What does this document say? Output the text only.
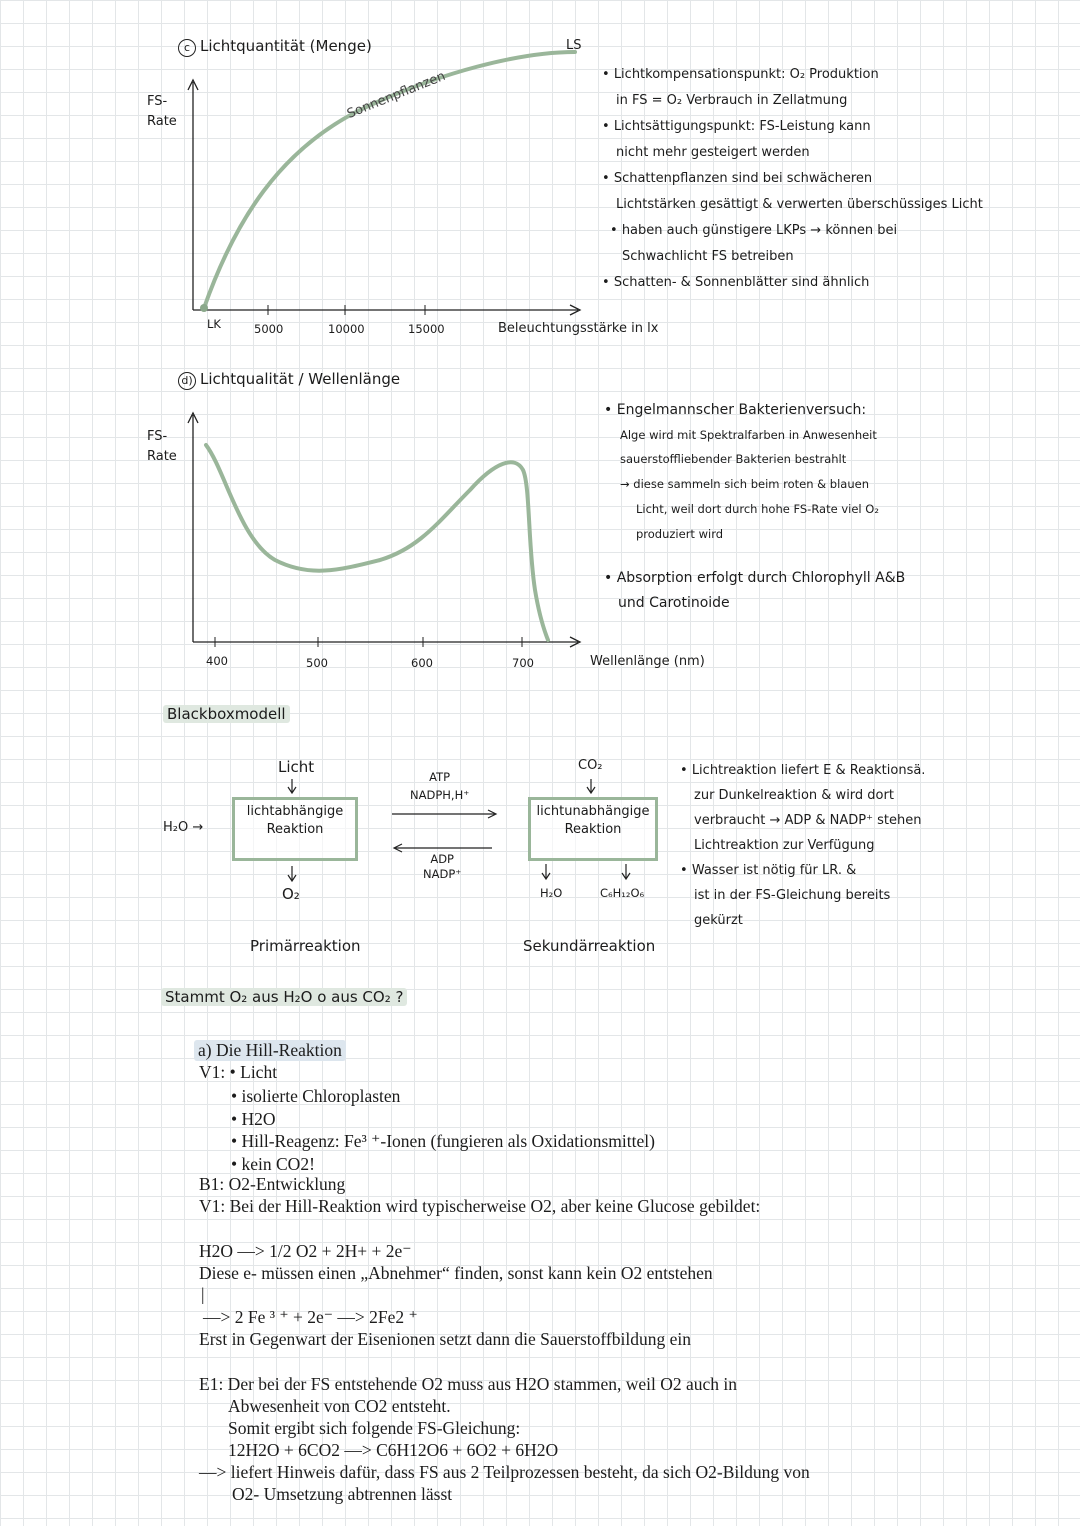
c Lichtquantität (Menge)
FS-
Rate	Sonnenpflanzen
LS
LK	5000	10000	15000	Beleuchtungsstärke in lx
• Lichtkompensationspunkt: O₂ Produktion
in FS = O₂ Verbrauch in Zellatmung
• Lichtsättigungspunkt: FS-Leistung kann
nicht mehr gesteigert werden
• Schattenpflanzen sind bei schwächeren
Lichtstärken gesättigt & verwerten überschüssiges Licht
• haben auch günstigere LKPs → können bei
Schwachlicht FS betreiben
• Schatten- & Sonnenblätter sind ähnlich
d) Lichtqualität / Wellenlänge
FS-
Rate
400	500	600	700	Wellenlänge (nm)
• Engelmannscher Bakterienversuch:
Alge wird mit Spektralfarben in Anwesenheit
sauerstoffliebender Bakterien bestrahlt
→ diese sammeln sich beim roten & blauen
Licht, weil dort durch hohe FS-Rate viel O₂
produziert wird
• Absorption erfolgt durch Chlorophyll A&B
und Carotinoide
Blackboxmodell
Licht
H₂O →
lichtabhängige
Reaktion
O₂
Primärreaktion
ATP
NADPH,H⁺
ADP
NADP⁺
CO₂
lichtunabhängige
Reaktion
H₂O	C₆H₁₂O₆
Sekundärreaktion
• Lichtreaktion liefert E & Reaktionsä.
zur Dunkelreaktion & wird dort
verbraucht → ADP & NADP⁺ stehen
Lichtreaktion zur Verfügung
• Wasser ist nötig für LR. &
ist in der FS-Gleichung bereits
gekürzt
Stammt O₂ aus H₂O o aus CO₂ ?
a) Die Hill-Reaktion
V1: • Licht
• isolierte Chloroplasten
• H2O
• Hill-Reagenz: Fe³ ⁺-Ionen (fungieren als Oxidationsmittel)
• kein CO2!
B1: O2-Entwicklung
V1: Bei der Hill-Reaktion wird typischerweise O2, aber keine Glucose gebildet:
H2O —> 1/2 O2 + 2H+ + 2e⁻
Diese e- müssen einen „Abnehmer“ finden, sonst kann kein O2 entstehen
|
—> 2 Fe ³ ⁺ + 2e⁻ —> 2Fe2 ⁺
Erst in Gegenwart der Eisenionen setzt dann die Sauerstoffbildung ein
E1: Der bei der FS entstehende O2 muss aus H2O stammen, weil O2 auch in
Abwesenheit von CO2 entsteht.
Somit ergibt sich folgende FS-Gleichung:
12H2O + 6CO2 —> C6H12O6 + 6O2 + 6H2O
—> liefert Hinweis dafür, dass FS aus 2 Teilprozessen besteht, da sich O2-Bildung von
O2- Umsetzung abtrennen lässt
